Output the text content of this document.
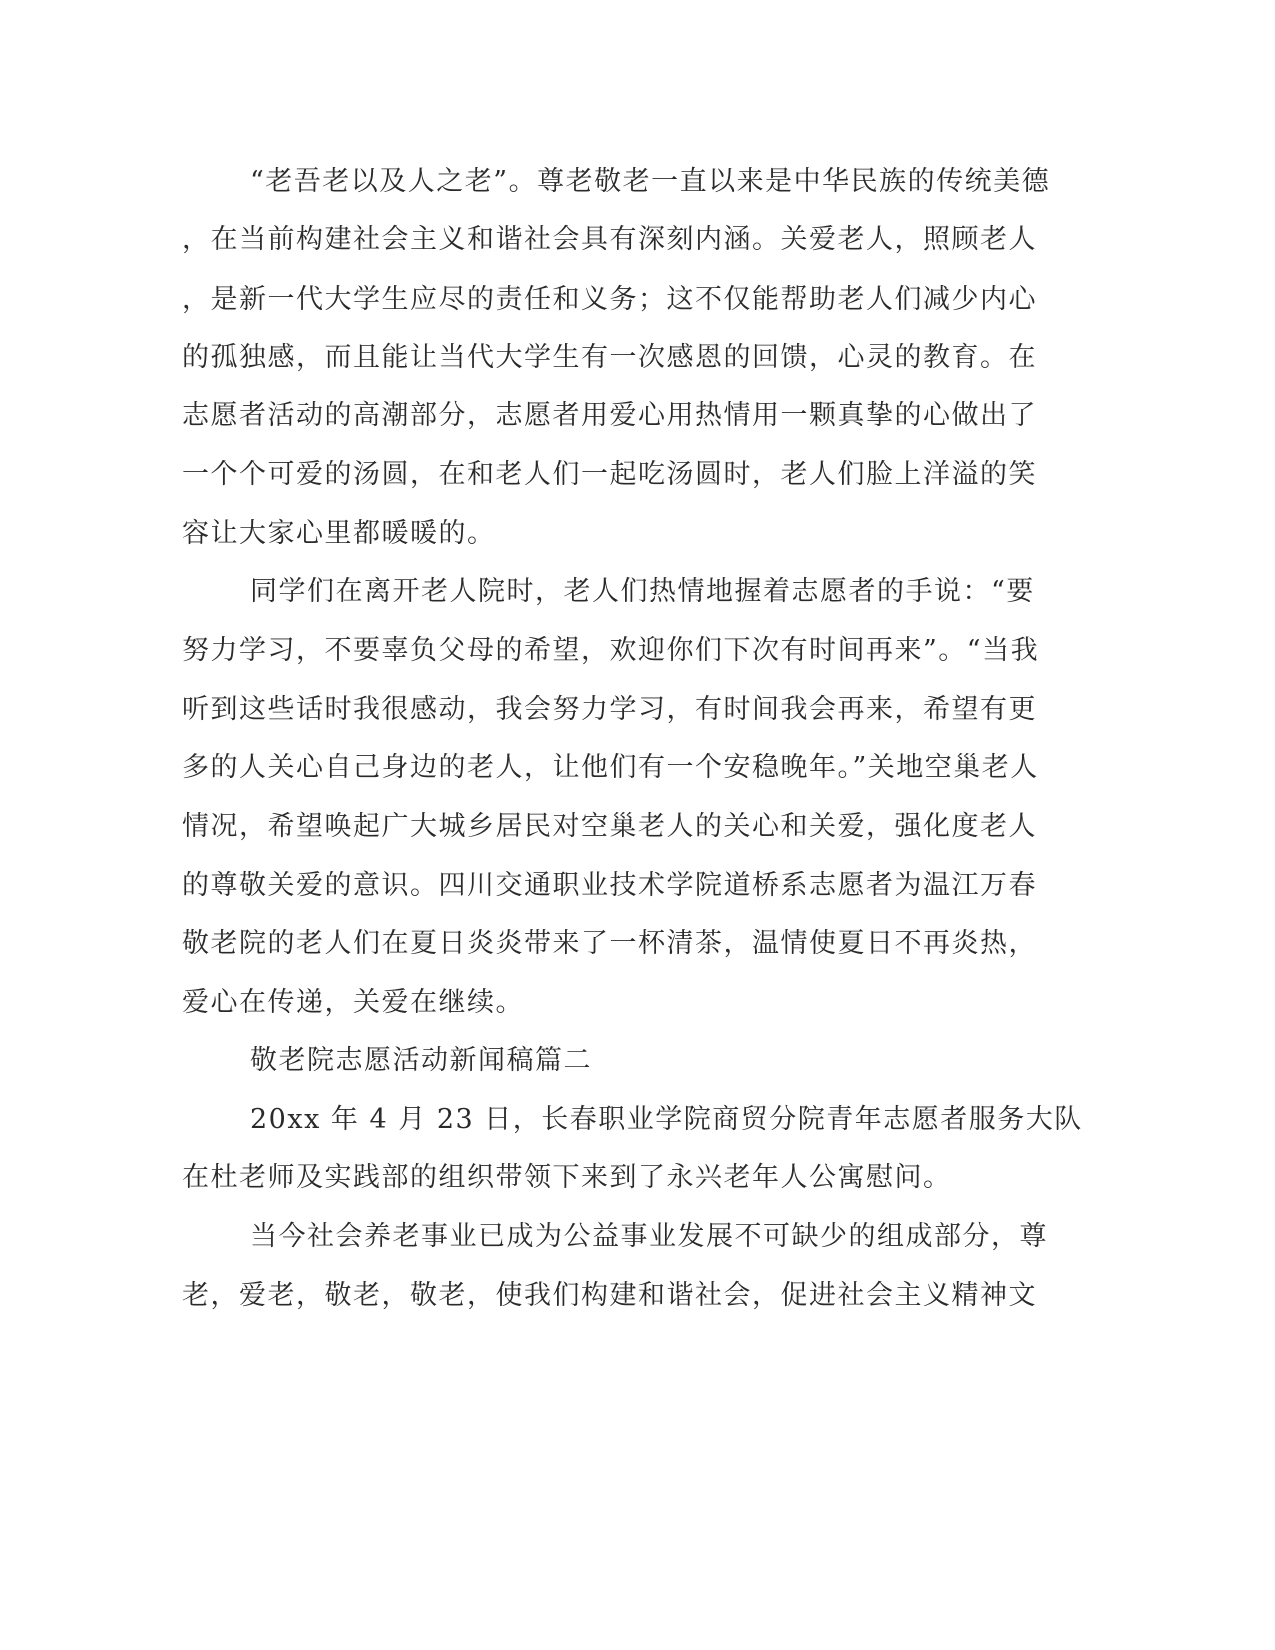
“老吾老以及人之老”。尊老敬老一直以来是中华民族的传统美德
，在当前构建社会主义和谐社会具有深刻内涵。关爱老人，照顾老人
，是新一代大学生应尽的责任和义务；这不仅能帮助老人们减少内心
的孤独感，而且能让当代大学生有一次感恩的回馈，心灵的教育。在
志愿者活动的高潮部分，志愿者用爱心用热情用一颗真挚的心做出了
一个个可爱的汤圆，在和老人们一起吃汤圆时，老人们脸上洋溢的笑
容让大家心里都暖暖的。
同学们在离开老人院时，老人们热情地握着志愿者的手说：“要
努力学习，不要辜负父母的希望，欢迎你们下次有时间再来”。“当我
听到这些话时我很感动，我会努力学习，有时间我会再来，希望有更
多的人关心自己身边的老人，让他们有一个安稳晚年。”关地空巢老人
情况，希望唤起广大城乡居民对空巢老人的关心和关爱，强化度老人
的尊敬关爱的意识。四川交通职业技术学院道桥系志愿者为温江万春
敬老院的老人们在夏日炎炎带来了一杯清茶，温情使夏日不再炎热，
爱心在传递，关爱在继续。
敬老院志愿活动新闻稿篇二
20xx 年 4 月 23 日，长春职业学院商贸分院青年志愿者服务大队
在杜老师及实践部的组织带领下来到了永兴老年人公寓慰问。
当今社会养老事业已成为公益事业发展不可缺少的组成部分，尊
老，爱老，敬老，敬老，使我们构建和谐社会，促进社会主义精神文
